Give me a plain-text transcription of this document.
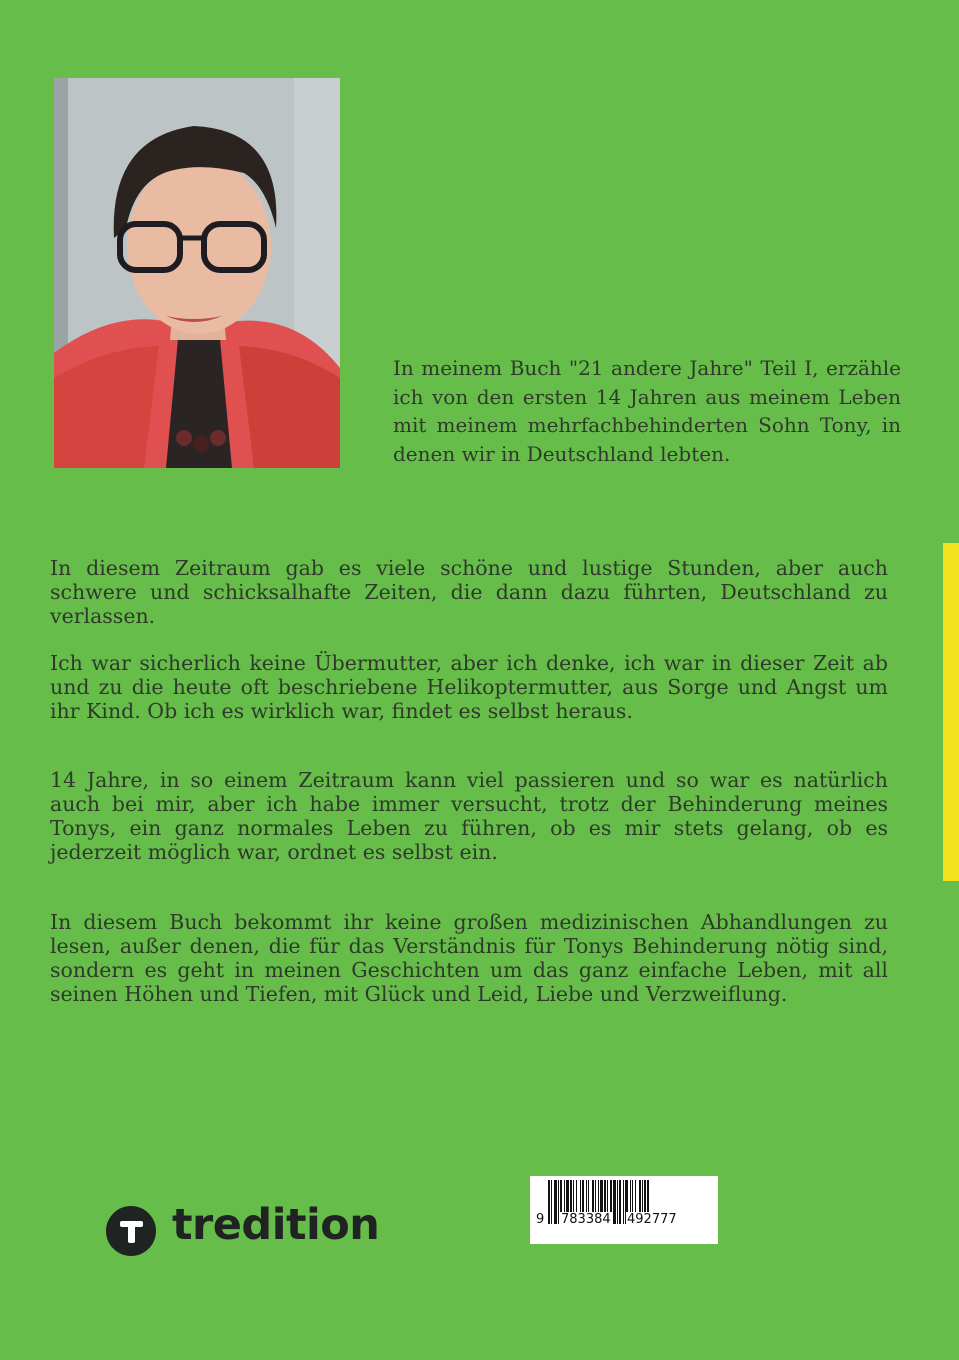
In meinem Buch "21 andere Jahre" Teil I, erzähle ich von den ersten 14 Jahren aus meinem Leben mit meinem mehrfachbehinderten Sohn Tony, in denen wir in Deutschland lebten.

In diesem Zeitraum gab es viele schöne und lustige Stunden, aber auch schwere und schicksalhafte Zeiten, die dann dazu führten, Deutschland zu verlassen.

Ich war sicherlich keine Übermutter, aber ich denke, ich war in dieser Zeit ab und zu die heute oft beschriebene Helikoptermutter, aus Sorge und Angst um ihr Kind. Ob ich es wirklich war, findet es selbst heraus.

14 Jahre, in so einem Zeitraum kann viel passieren und so war es natürlich auch bei mir, aber ich habe immer versucht, trotz der Behinderung meines Tonys, ein ganz normales Leben zu führen, ob es mir stets gelang, ob es jederzeit möglich war, ordnet es selbst ein.

In diesem Buch bekommt ihr keine großen medizinischen Abhandlungen zu lesen, außer denen, die für das Verständnis für Tonys Behinderung nötig sind, sondern es geht in meinen Geschichten um das ganz einfache Leben, mit all seinen Höhen und Tiefen, mit Glück und Leid, Liebe und Verzweiflung.

tredition	9 783384 492777
